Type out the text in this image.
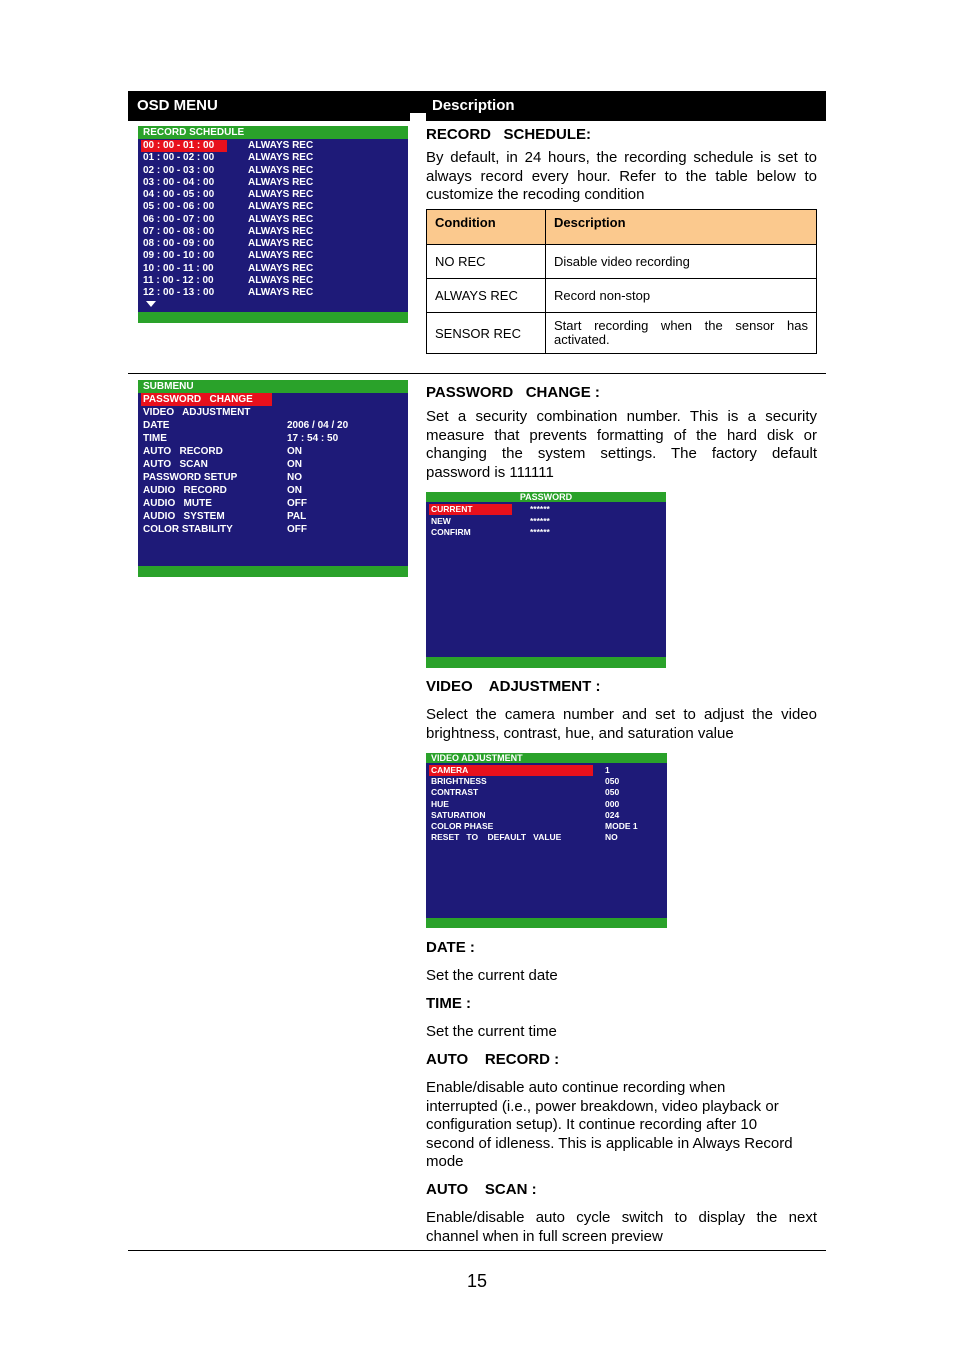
OSD MENU	Description
RECORD SCHEDULE
00 : 00 - 01 : 00	ALWAYS REC
01 : 00 - 02 : 00	ALWAYS REC
02 : 00 - 03 : 00	ALWAYS REC
03 : 00 - 04 : 00	ALWAYS REC
04 : 00 - 05 : 00	ALWAYS REC
05 : 00 - 06 : 00	ALWAYS REC
06 : 00 - 07 : 00	ALWAYS REC
07 : 00 - 08 : 00	ALWAYS REC
08 : 00 - 09 : 00	ALWAYS REC
09 : 00 - 10 : 00	ALWAYS REC
10 : 00 - 11 : 00	ALWAYS REC
11 : 00 - 12 : 00	ALWAYS REC
12 : 00 - 13 : 00	ALWAYS REC
RECORD   SCHEDULE:
By default, in 24 hours, the recording schedule is set to always record every hour. Refer to the table below to customize the recoding condition
Condition	Description
NO REC	Disable video recording
ALWAYS REC	Record non-stop
SENSOR REC	Start recording when the sensor has activated.
SUBMENU
PASSWORD   CHANGE
VIDEO   ADJUSTMENT
DATE	2006 / 04 / 20
TIME	17 : 54 : 50
AUTO   RECORD	ON
AUTO   SCAN	ON
PASSWORD SETUP	NO
AUDIO   RECORD	ON
AUDIO   MUTE	OFF
AUDIO   SYSTEM	PAL
COLOR STABILITY	OFF
PASSWORD   CHANGE :
Set a security combination number. This is a security measure that prevents formatting of the hard disk or changing the system settings. The factory default password is 111111
PASSWORD
CURRENT	******
NEW	******
CONFIRM	******
VIDEO    ADJUSTMENT :
Select the camera number and set to adjust the video brightness, contrast, hue, and saturation value
VIDEO ADJUSTMENT
CAMERA	1
BRIGHTNESS	050
CONTRAST	050
HUE	000
SATURATION	024
COLOR PHASE	MODE 1
RESET   TO    DEFAULT   VALUE	NO
DATE :
Set the current date
TIME :
Set the current time
AUTO    RECORD :
Enable/disable auto continue recording when
interrupted (i.e., power breakdown, video playback or
configuration setup). It continue recording after 10
second of idleness. This is applicable in Always Record
mode
AUTO    SCAN :
Enable/disable auto cycle switch to display the next channel when in full screen preview
15
